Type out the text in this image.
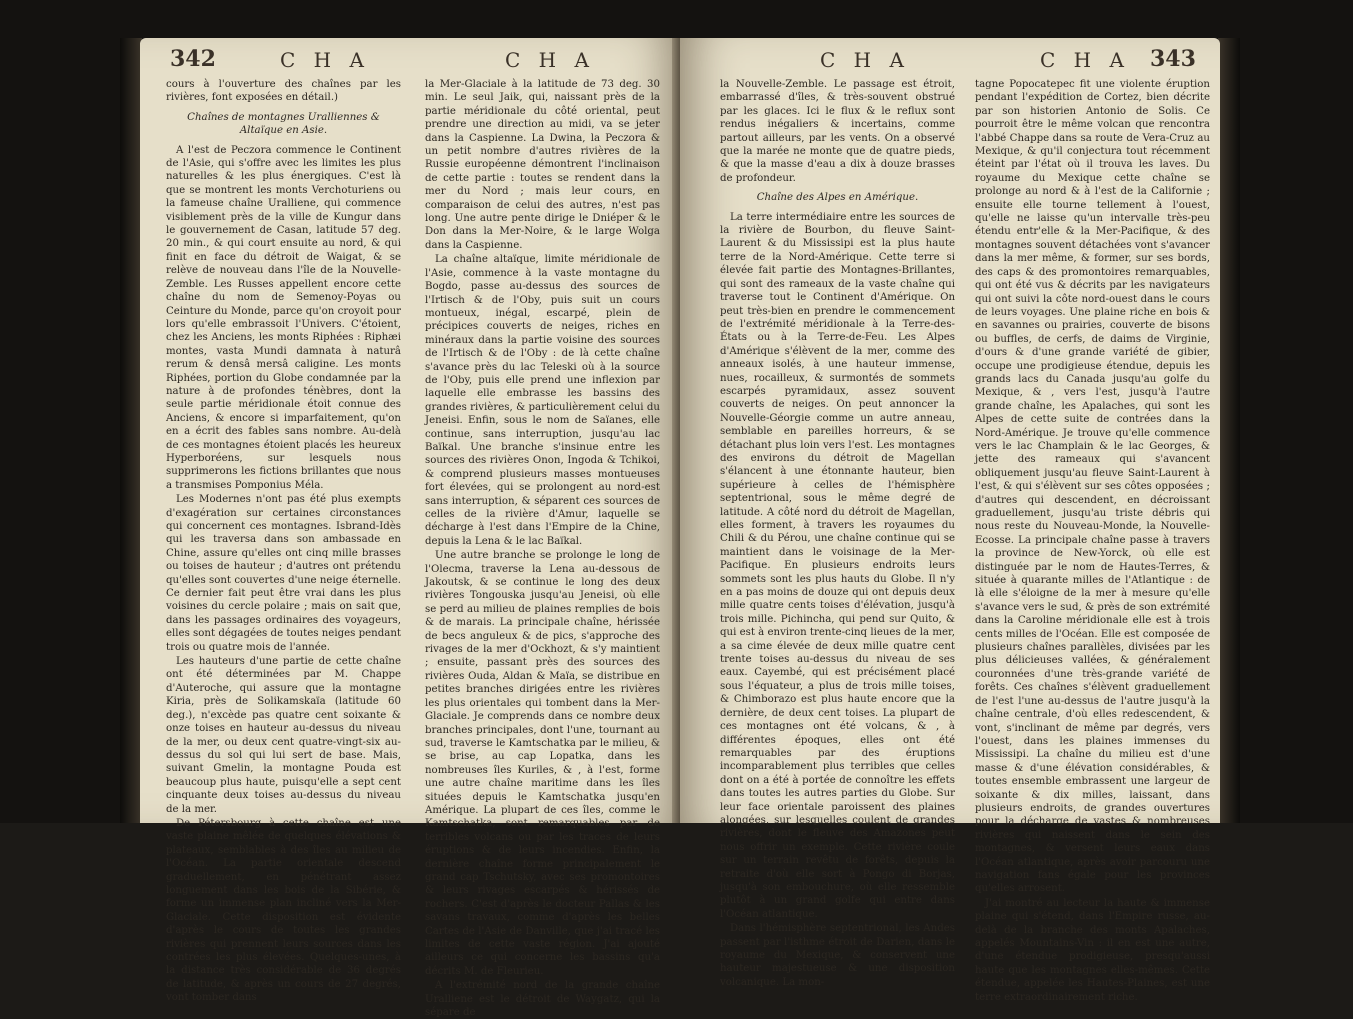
342	C H A	C H A

cours à l'ouverture des chaînes par les rivières, font exposées en détail.)

Chaînes de montagnes Uralliennes & Altaïque en Asie.

A l'est de Peczora commence le Continent de l'Asie, qui s'offre avec les limites les plus naturelles & les plus énergiques. C'est là que se montrent les monts Verchoturiens ou la fameuse chaîne Uralliene, qui commence visiblement près de la ville de Kungur dans le gouvernement de Casan, latitude 57 deg. 20 min., & qui court ensuite au nord, & qui finit en face du détroit de Waigat, & se relève de nouveau dans l'île de la Nouvelle-Zemble. Les Russes appellent encore cette chaîne du nom de Semenoy-Poyas ou Ceinture du Monde, parce qu'on croyoit pour lors qu'elle embrassoit l'Univers. C'étoient, chez les Anciens, les monts Riphées : Riphæi montes, vasta Mundi damnata à naturâ rerum & densâ mersâ caligine. Les monts Riphées, portion du Globe condamnée par la nature à de profondes ténèbres, dont la seule partie méridionale étoit connue des Anciens, & encore si imparfaitement, qu'on en a écrit des fables sans nombre. Au-delà de ces montagnes étoient placés les heureux Hyperboréens, sur lesquels nous supprimerons les fictions brillantes que nous a transmises Pomponius Méla.

Les Modernes n'ont pas été plus exempts d'exagération sur certaines circonstances qui concernent ces montagnes. Isbrand-Idès qui les traversa dans son ambassade en Chine, assure qu'elles ont cinq mille brasses ou toises de hauteur ; d'autres ont prétendu qu'elles sont couvertes d'une neige éternelle. Ce dernier fait peut être vrai dans les plus voisines du cercle polaire ; mais on sait que, dans les passages ordinaires des voyageurs, elles sont dégagées de toutes neiges pendant trois ou quatre mois de l'année.

Les hauteurs d'une partie de cette chaîne ont été déterminées par M. Chappe d'Auteroche, qui assure que la montagne Kiria, près de Solikamskaïa (latitude 60 deg.), n'excède pas quatre cent soixante & onze toises en hauteur au-dessus du niveau de la mer, ou deux cent quatre-vingt-six au-dessus du sol qui lui sert de base. Mais, suivant Gmelin, la montagne Pouda est beaucoup plus haute, puisqu'elle a sept cent cinquante deux toises au-dessus du niveau de la mer.

De Pétersbourg à cette chaîne est une vaste plaine mêlée de quelques élévations & plateaux, semblables à des îles au milieu de l'Océan. La partie orientale descend graduellement, en pénétrant assez longuement dans les bois de la Sibérie, & forme un immense plan incliné vers la Mer-Glaciale. Cette disposition est évidente d'après le cours de toutes les grandes rivières qui prennent leurs sources dans les contrées les plus élevées. Quelques-unes, à la distance très considérable de 36 degrés de latitude, & après un cours de 27 degrés, vont tomber dans

la Mer-Glaciale à la latitude de 73 deg. 30 min. Le seul Jaik, qui, naissant près de la partie méridionale du côté oriental, peut prendre une direction au midi, va se jeter dans la Caspienne. La Dwina, la Peczora & un petit nombre d'autres rivières de la Russie européenne démontrent l'inclinaison de cette partie : toutes se rendent dans la mer du Nord ; mais leur cours, en comparaison de celui des autres, n'est pas long. Une autre pente dirige le Dniéper & le Don dans la Mer-Noire, & le large Wolga dans la Caspienne.

La chaîne altaïque, limite méridionale de l'Asie, commence à la vaste montagne du Bogdo, passe au-dessus des sources de l'Irtisch & de l'Oby, puis suit un cours montueux, inégal, escarpé, plein de précipices couverts de neiges, riches en minéraux dans la partie voisine des sources de l'Irtisch & de l'Oby : de là cette chaîne s'avance près du lac Teleski où à la source de l'Oby, puis elle prend une inflexion par laquelle elle embrasse les bassins des grandes rivières, & particulièrement celui du Jeneisi. Enfin, sous le nom de Saïanes, elle continue, sans interruption, jusqu'au lac Baïkal. Une branche s'insinue entre les sources des rivières Onon, Ingoda & Tchikoi, & comprend plusieurs masses montueuses fort élevées, qui se prolongent au nord-est sans interruption, & séparent ces sources de celles de la rivière d'Amur, laquelle se décharge à l'est dans l'Empire de la Chine, depuis la Lena & le lac Baïkal.

Une autre branche se prolonge le long de l'Olecma, traverse la Lena au-dessous de Jakoutsk, & se continue le long des deux rivières Tongouska jusqu'au Jeneisi, où elle se perd au milieu de plaines remplies de bois & de marais. La principale chaîne, hérissée de becs anguleux & de pics, s'approche des rivages de la mer d'Ockhozt, & s'y maintient ; ensuite, passant près des sources des rivières Ouda, Aldan & Maïa, se distribue en petites branches dirigées entre les rivières les plus orientales qui tombent dans la Mer-Glaciale. Je comprends dans ce nombre deux branches principales, dont l'une, tournant au sud, traverse le Kamtschatka par le milieu, & se brise, au cap Lopatka, dans les nombreuses îles Kuriles, & , à l'est, forme une autre chaîne maritime dans les îles situées depuis le Kamtschatka jusqu'en Amérique. La plupart de ces îles, comme le Kamtschatka, sont remarquables par de terribles volcans ou par les traces de leurs éruptions & de leurs incendies. Enfin, la dernière chaîne forme principalement le grand cap Tschutsky, avec ses promontoires & leurs rivages escarpés & hérissés de rochers. C'est d'après le docteur Pallas & les savans travaux, comme d'après les belles Cartes de l'Asie de Danville, que j'ai tracé les limites de cette vaste région. J'ai ajouté ailleurs ce qui concerne les bassins qu'a décrits M. de Fleurieu.

A l'extrémité nord de la grande chaîne Uralliene est le détroit de Waygatz, qui la sépare de

C H A	C H A 343

la Nouvelle-Zemble. Le passage est étroit, embarrassé d'îles, & très-souvent obstrué par les glaces. Ici le flux & le reflux sont rendus inégaliers & incertains, comme partout ailleurs, par les vents. On a observé que la marée ne monte que de quatre pieds, & que la masse d'eau a dix à douze brasses de profondeur.

Chaîne des Alpes en Amérique.

La terre intermédiaire entre les sources de la rivière de Bourbon, du fleuve Saint-Laurent & du Mississipi est la plus haute terre de la Nord-Amérique. Cette terre si élevée fait partie des Montagnes-Brillantes, qui sont des rameaux de la vaste chaîne qui traverse tout le Continent d'Amérique. On peut très-bien en prendre le commencement de l'extrémité méridionale à la Terre-des-États ou à la Terre-de-Feu. Les Alpes d'Amérique s'élèvent de la mer, comme des anneaux isolés, à une hauteur immense, nues, rocailleux, & surmontés de sommets escarpés pyramidaux, assez souvent couverts de neiges. On peut annoncer la Nouvelle-Géorgie comme un autre anneau, semblable en pareilles horreurs, & se détachant plus loin vers l'est. Les montagnes des environs du détroit de Magellan s'élancent à une étonnante hauteur, bien supérieure à celles de l'hémisphère septentrional, sous le même degré de latitude. A côté nord du détroit de Magellan, elles forment, à travers les royaumes du Chili & du Pérou, une chaîne continue qui se maintient dans le voisinage de la Mer-Pacifique. En plusieurs endroits leurs sommets sont les plus hauts du Globe. Il n'y en a pas moins de douze qui ont depuis deux mille quatre cents toises d'élévation, jusqu'à trois mille. Pichincha, qui pend sur Quito, & qui est à environ trente-cinq lieues de la mer, a sa cime élevée de deux mille quatre cent trente toises au-dessus du niveau de ses eaux. Cayembé, qui est précisément placé sous l'équateur, a plus de trois mille toises, & Chimborazo est plus haute encore que la dernière, de deux cent toises. La plupart de ces montagnes ont été volcans, & , à différentes époques, elles ont été remarquables par des éruptions incomparablement plus terribles que celles dont on a été à portée de connoître les effets dans toutes les autres parties du Globe. Sur leur face orientale paroissent des plaines alongées, sur lesquelles coulent de grandes rivières, dont le fleuve des Amazones peut nous offrir un exemple. Cette rivière coule sur un terrain revêtu de forêts, depuis la retraite d'où elle sort à Pongo di Borjas, jusqu'à son embouchure, où elle ressemble plutôt à un grand golfe qui entre dans l'Océan atlantique.

Dans l'hémisphère septentrional, les Andes passent par l'isthme étroit de Darien, dans le royaume du Mexique, & conservent une hauteur majestueuse & une disposition volcanique. La mon-

tagne Popocatepec fit une violente éruption pendant l'expédition de Cortez, bien décrite par son historien Antonio de Solis. Ce pourroit être le même volcan que rencontra l'abbé Chappe dans sa route de Vera-Cruz au Mexique, & qu'il conjectura tout récemment éteint par l'état où il trouva les laves. Du royaume du Mexique cette chaîne se prolonge au nord & à l'est de la Californie ; ensuite elle tourne tellement à l'ouest, qu'elle ne laisse qu'un intervalle très-peu étendu entr'elle & la Mer-Pacifique, & des montagnes souvent détachées vont s'avancer dans la mer même, & former, sur ses bords, des caps & des promontoires remarquables, qui ont été vus & décrits par les navigateurs qui ont suivi la côte nord-ouest dans le cours de leurs voyages. Une plaine riche en bois & en savannes ou prairies, couverte de bisons ou buffles, de cerfs, de daims de Virginie, d'ours & d'une grande variété de gibier, occupe une prodigieuse étendue, depuis les grands lacs du Canada jusqu'au golfe du Mexique, & , vers l'est, jusqu'à l'autre grande chaîne, les Apalaches, qui sont les Alpes de cette suite de contrées dans la Nord-Amérique. Je trouve qu'elle commence vers le lac Champlain & le lac Georges, & jette des rameaux qui s'avancent obliquement jusqu'au fleuve Saint-Laurent à l'est, & qui s'élèvent sur ses côtes opposées ; d'autres qui descendent, en décroissant graduellement, jusqu'au triste débris qui nous reste du Nouveau-Monde, la Nouvelle-Ecosse. La principale chaîne passe à travers la province de New-Yorck, où elle est distinguée par le nom de Hautes-Terres, & située à quarante milles de l'Atlantique : de là elle s'éloigne de la mer à mesure qu'elle s'avance vers le sud, & près de son extrémité dans la Caroline méridionale elle est à trois cents milles de l'Océan. Elle est composée de plusieurs chaînes parallèles, divisées par les plus délicieuses vallées, & généralement couronnées d'une très-grande variété de forêts. Ces chaînes s'élèvent graduellement de l'est l'une au-dessus de l'autre jusqu'à la chaîne centrale, d'où elles redescendent, & vont, s'inclinant de même par degrés, vers l'ouest, dans les plaines immenses du Mississipi. La chaîne du milieu est d'une masse & d'une élévation considérables, & toutes ensemble embrassent une largeur de soixante & dix milles, laissant, dans plusieurs endroits, de grandes ouvertures pour la décharge de vastes & nombreuses rivières qui naissent dans le sein des montagnes, & versent leurs eaux dans l'Océan atlantique, après avoir parcouru une navigation fans égale pour les provinces qu'elles arrosent.

J'ai montré au lecteur la haute & immense plaine qui s'étend, dans l'Empire russe, au-delà de la branche des monts Apalaches, appelés Mountains-Vin : il en est une autre, d'une étendue prodigieuse, presqu'aussi haute que les montagnes elles-mêmes. Cette étendue, appelée les Hautes-Plaines, est une terre extraordinairement riche.
